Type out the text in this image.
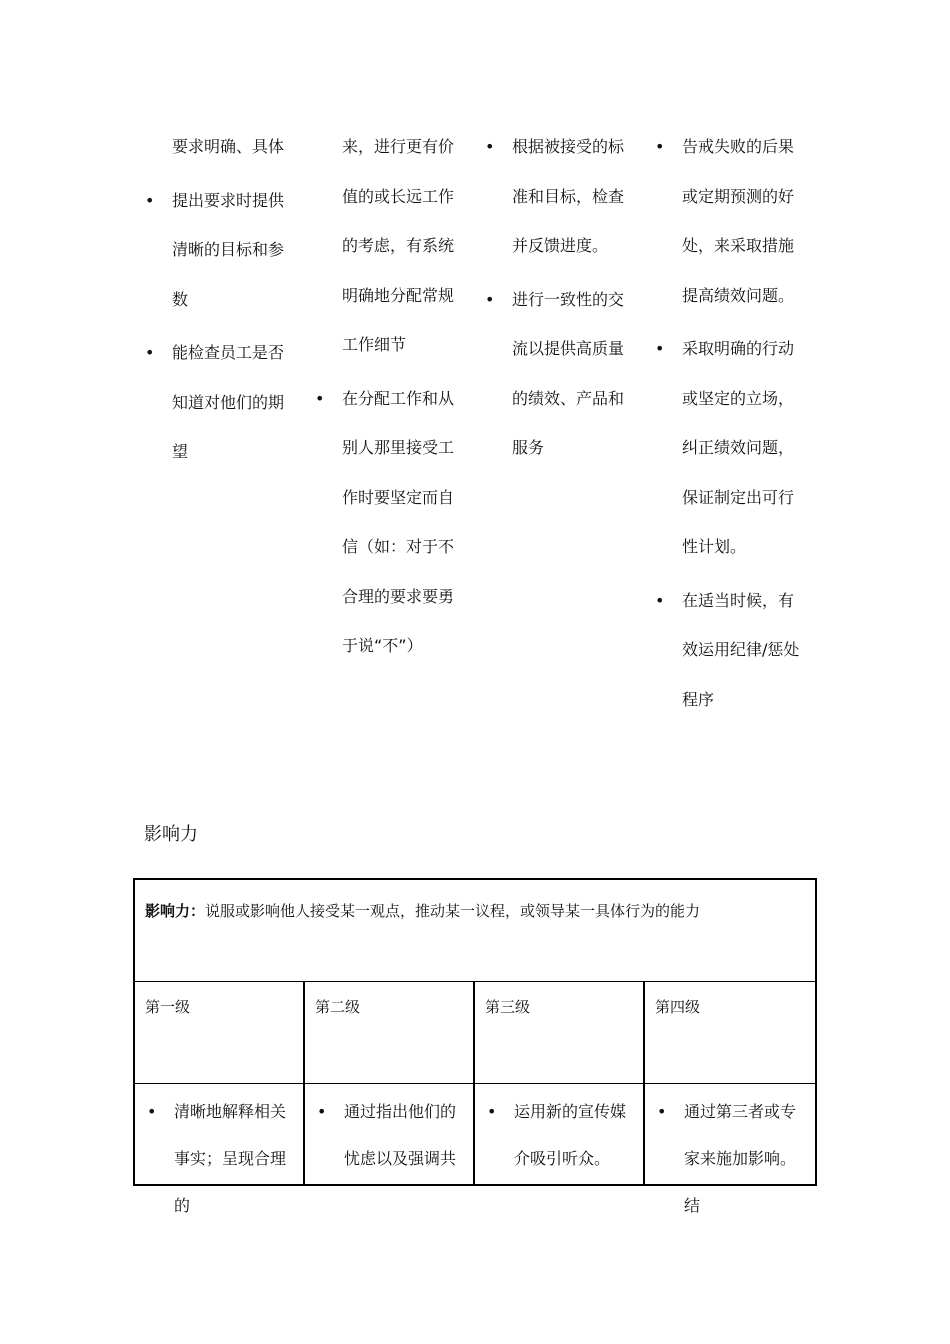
要求明确、具体
• 提出要求时提供清晰的目标和参数
• 能检查员工是否知道对他们的期望
来，进行更有价值的或长远工作的考虑，有系统明确地分配常规工作细节
• 在分配工作和从别人那里接受工作时要坚定而自信（如：对于不合理的要求要勇于说“不”）
• 根据被接受的标准和目标，检查并反馈进度。
• 进行一致性的交流以提供高质量的绩效、产品和服务
• 告戒失败的后果或定期预测的好处，来采取措施提高绩效问题。
• 采取明确的行动或坚定的立场，纠正绩效问题，保证制定出可行性计划。
• 在适当时候，有效运用纪律/惩处程序
影响力
影响力：说服或影响他人接受某一观点，推动某一议程，或领导某一具体行为的能力
第一级	第二级	第三级	第四级
• 清晰地解释相关事实；呈现合理的
• 通过指出他们的忧虑以及强调共
• 运用新的宣传媒介吸引听众。
• 通过第三者或专家来施加影响。结
